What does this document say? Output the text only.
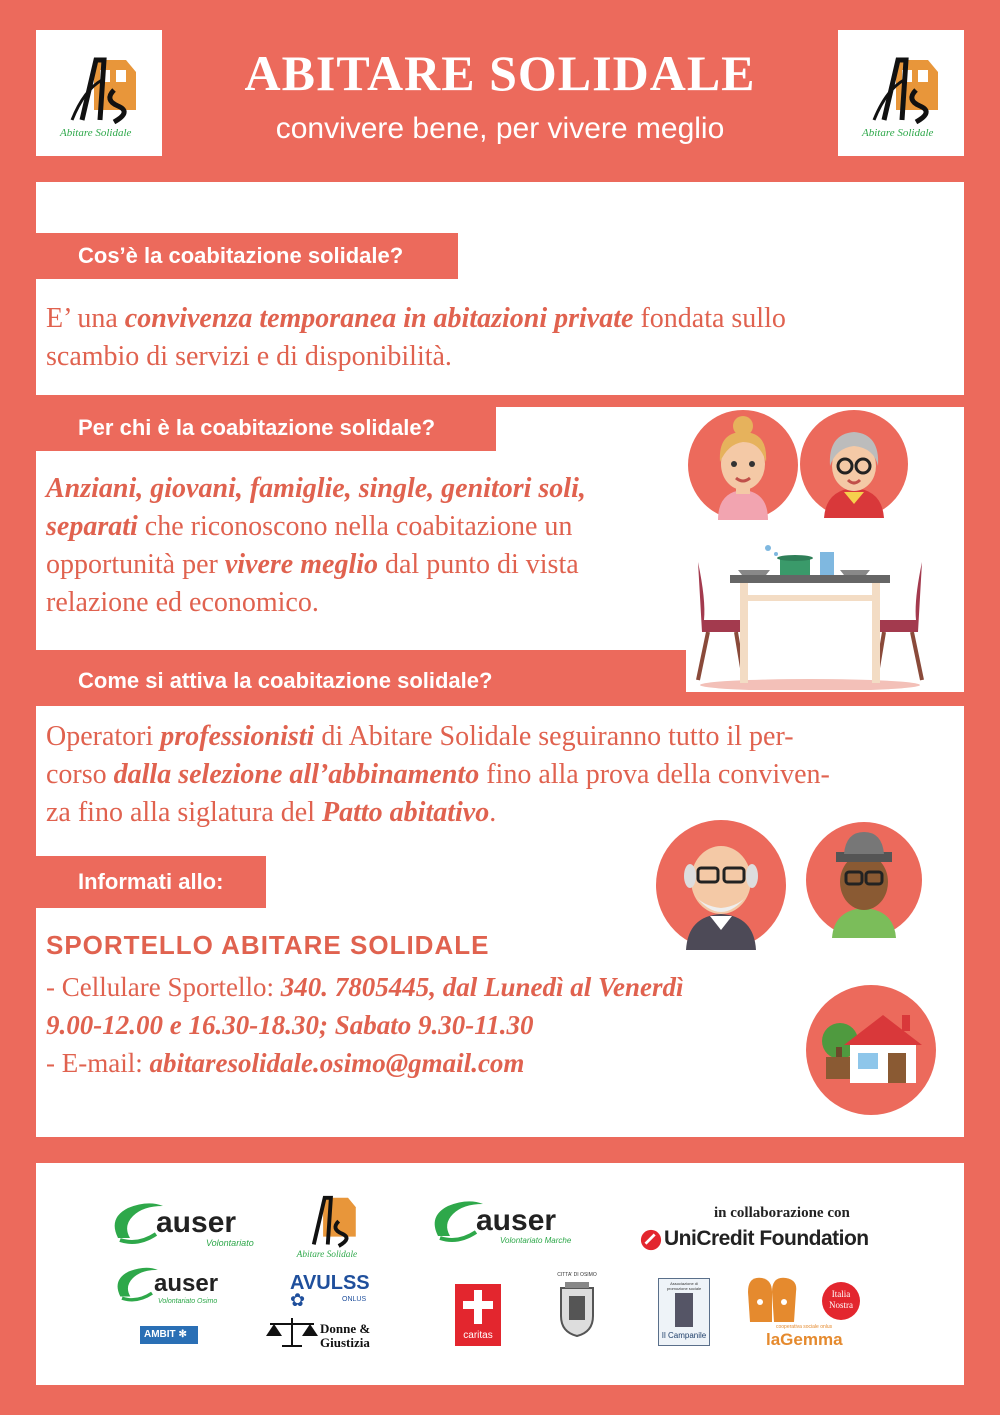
Abitare Solidale	Abitare Solidale
ABITARE SOLIDALE
convivere bene, per vivere meglio
Cos’è la coabitazione solidale?
E’ una convivenza temporanea in abitazioni private fondata sullo
scambio di servizi e di disponibilità.
Per chi è la coabitazione solidale?
Anziani, giovani, famiglie, single, genitori soli,
separati che riconoscono nella coabitazione un
opportunità per vivere meglio dal punto di vista
relazione ed economico.
Come si attiva la coabitazione solidale?
Operatori professionisti di Abitare Solidale seguiranno tutto il per-
corso dalla selezione all’abbinamento fino alla prova della conviven-
za fino alla siglatura del Patto abitativo.
Informati allo:
SPORTELLO ABITARE SOLIDALE
- Cellulare Sportello: 340. 7805445, dal Lunedì al Venerdì
9.00-12.00 e 16.30-18.30; Sabato 9.30-11.30
- E-mail: abitaresolidale.osimo@gmail.com
auser
Volontariato
Abitare Solidale
auser
Volontariato Marche
in collaborazione con
UniCredit Foundation
auser
Volontariato Osimo
AMBIT ✻
AVULSS
✿	ONLUS
Donne & Giustizia	caritas
CITTA' DI OSIMO
Associazione di promozione sociale
Il Campanile
Italia Nostra
cooperativa sociale onlus
laGemma
